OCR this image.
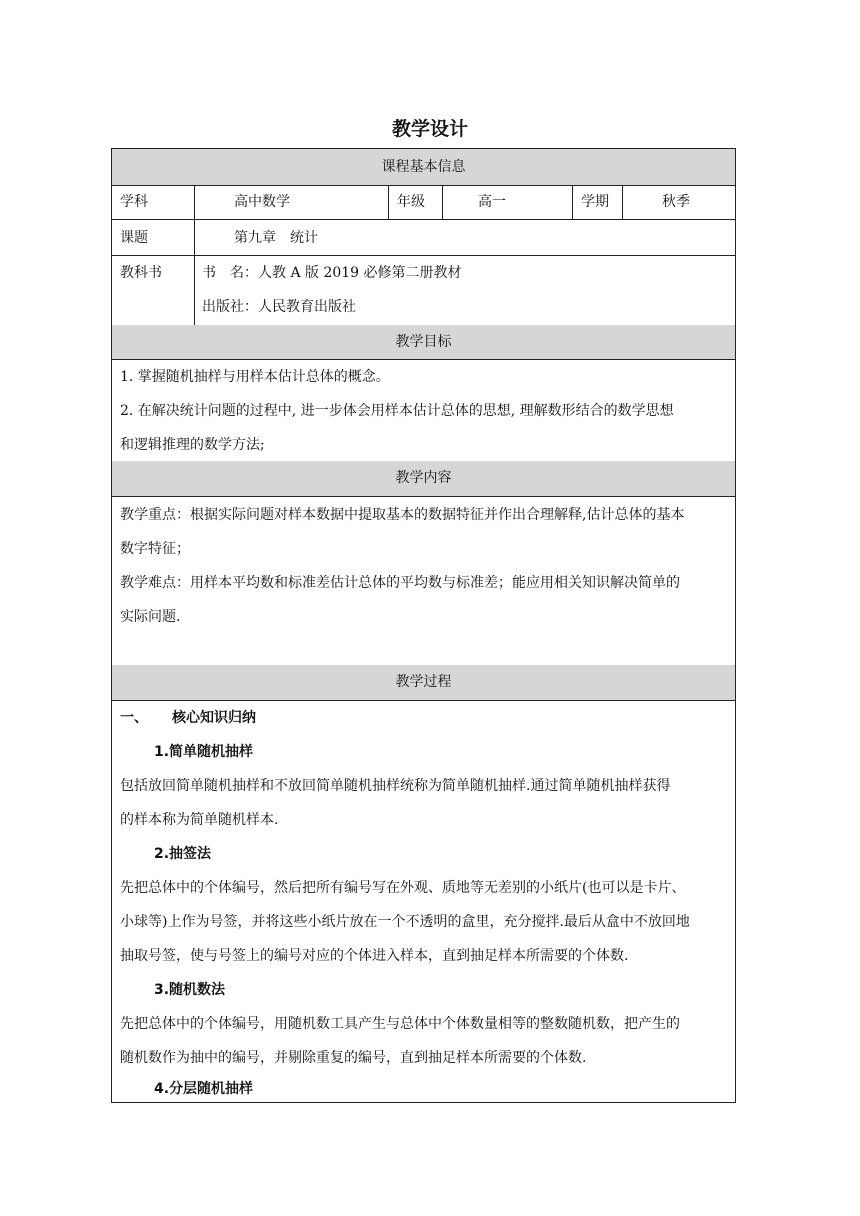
教学设计
课程基本信息
学科	高中数学	年级	高一	学期	秋季
课题	第九章　统计
教科书	书　名：人教 A 版 2019 必修第二册教材
出版社：人民教育出版社
教学目标
1. 掌握随机抽样与用样本估计总体的概念。
2. 在解决统计问题的过程中, 进一步体会用样本估计总体的思想, 理解数形结合的数学思想
和逻辑推理的数学方法;
教学内容
教学重点：根据实际问题对样本数据中提取基本的数据特征并作出合理解释,估计总体的基本
数字特征；
教学难点：用样本平均数和标准差估计总体的平均数与标准差；能应用相关知识解决简单的
实际问题.
教学过程
一、 核心知识归纳
1.简单随机抽样
包括放回简单随机抽样和不放回简单随机抽样统称为简单随机抽样.通过简单随机抽样获得
的样本称为简单随机样本.
2.抽签法
先把总体中的个体编号，然后把所有编号写在外观、质地等无差别的小纸片(也可以是卡片、
小球等)上作为号签，并将这些小纸片放在一个不透明的盒里，充分搅拌.最后从盒中不放回地
抽取号签，使与号签上的编号对应的个体进入样本，直到抽足样本所需要的个体数.
3.随机数法
先把总体中的个体编号，用随机数工具产生与总体中个体数量相等的整数随机数，把产生的
随机数作为抽中的编号，并剔除重复的编号，直到抽足样本所需要的个体数.
4.分层随机抽样
